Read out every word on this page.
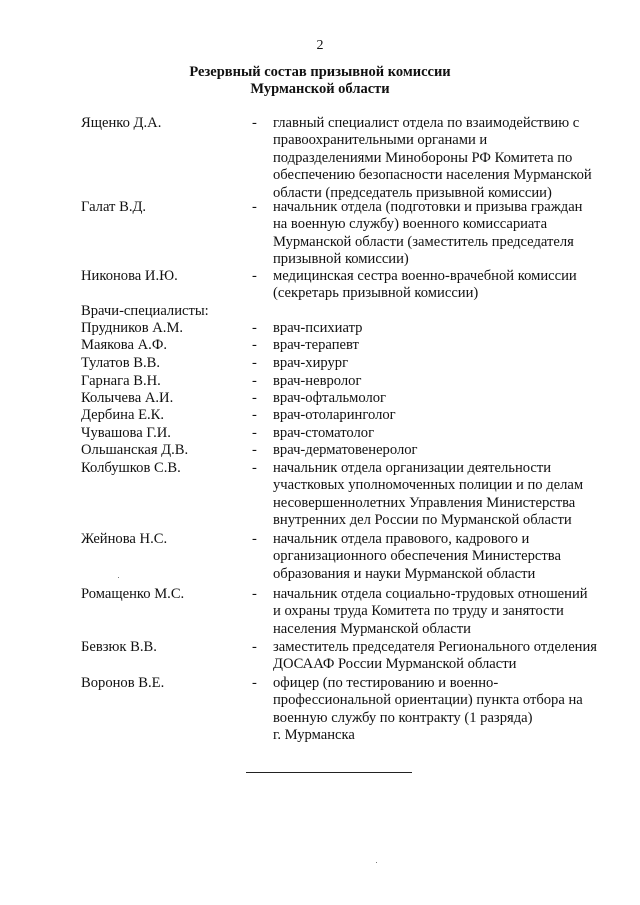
2
Резервный состав призывной комиссии
Мурманской области
Ященко Д.А.	- главный специалист отдела по взаимодействию с
правоохранительными органами и
подразделениями Минобороны РФ Комитета по
обеспечению безопасности населения Мурманской
области (председатель призывной комиссии)
Галат В.Д.	- начальник отдела (подготовки и призыва граждан
на военную службу) военного комиссариата
Мурманской области (заместитель председателя
призывной комиссии)
Никонова И.Ю.	- медицинская сестра военно-врачебной комиссии
(секретарь призывной комиссии)
Врачи-специалисты:
Прудников А.М.	- врач-психиатр
Маякова А.Ф.	- врач-терапевт
Тулатов В.В.	- врач-хирург
Гарнага В.Н.	- врач-невролог
Колычева А.И.	- врач-офтальмолог
Дербина Е.К.	- врач-отоларинголог
Чувашова Г.И.	- врач-стоматолог
Ольшанская Д.В.	- врач-дерматовенеролог
Колбушков С.В.	- начальник отдела организации деятельности
участковых уполномоченных полиции и по делам
несовершеннолетних Управления Министерства
внутренних дел России по Мурманской области
Жейнова Н.С.	- начальник отдела правового, кадрового и
организационного обеспечения Министерства
образования и науки Мурманской области
Ромащенко М.С.	- начальник отдела социально-трудовых отношений
и охраны труда Комитета по труду и занятости
населения Мурманской области
Бевзюк В.В.	- заместитель председателя Регионального отделения
ДОСААФ России Мурманской области
Воронов В.Е.	- офицер (по тестированию и военно-
профессиональной ориентации) пункта отбора на
военную службу по контракту (1 разряда)
г. Мурманска
